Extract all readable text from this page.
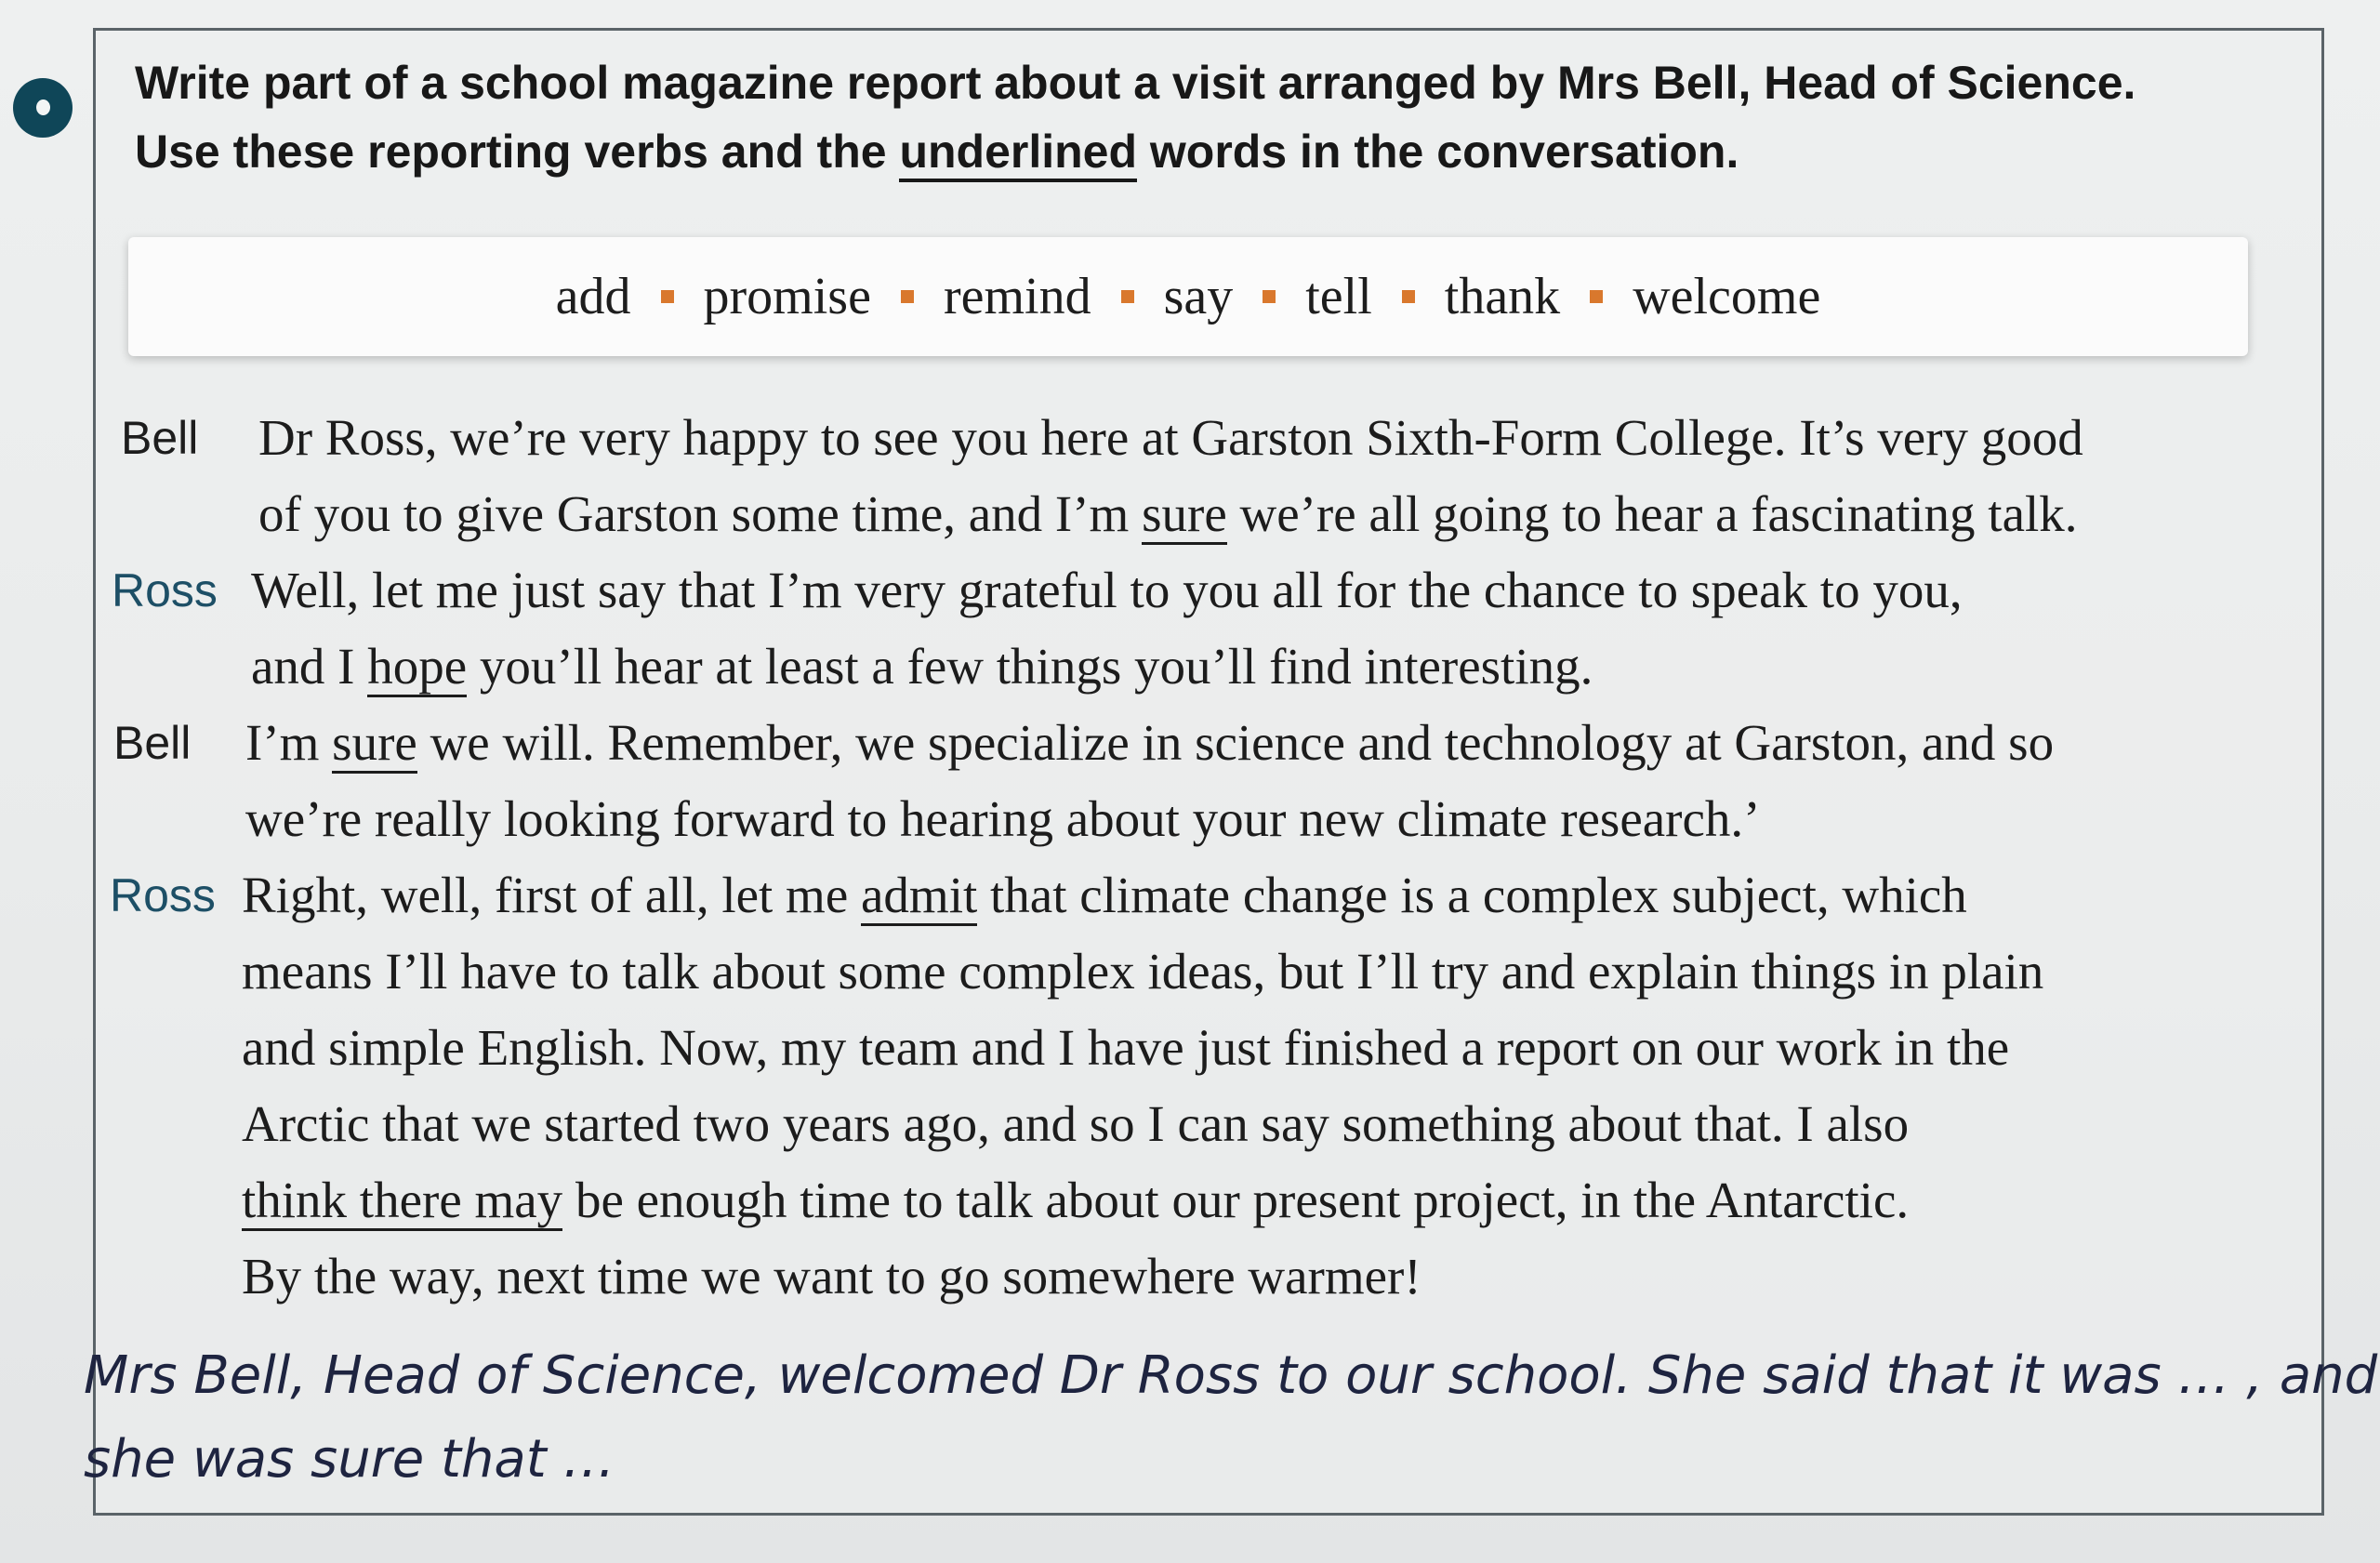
Write part of a school magazine report about a visit arranged by Mrs Bell, Head of Science.
Use these reporting verbs and the underlined words in the conversation.
add promise remind say tell thank welcome
Bell Dr Ross, we’re very happy to see you here at Garston Sixth-Form College. It’s very good
of you to give Garston some time, and I’m sure we’re all going to hear a fascinating talk.
Ross Well, let me just say that I’m very grateful to you all for the chance to speak to you,
and I hope you’ll hear at least a few things you’ll find interesting.
Bell I’m sure we will. Remember, we specialize in science and technology at Garston, and so
we’re really looking forward to hearing about your new climate research.’
Ross Right, well, first of all, let me admit that climate change is a complex subject, which
means I’ll have to talk about some complex ideas, but I’ll try and explain things in plain
and simple English. Now, my team and I have just finished a report on our work in the
Arctic that we started two years ago, and so I can say something about that. I also
think there may be enough time to talk about our present project, in the Antarctic.
By the way, next time we want to go somewhere warmer!
Mrs Bell, Head of Science, welcomed Dr Ross to our school. She said that it was … , and
she was sure that …
